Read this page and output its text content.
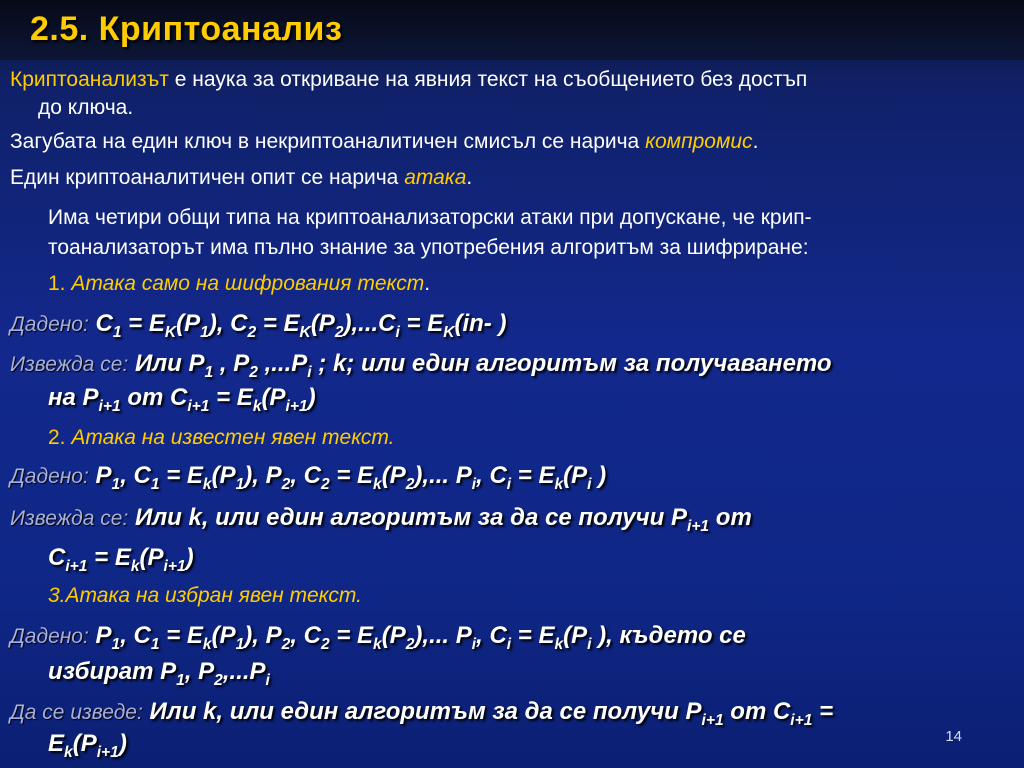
2.5. Криптоанализ
Криптоанализът е наука за откриване на явния текст на съобщението без достъп
до ключа.
Загубата на един ключ в некриптоаналитичен смисъл се нарича компромис.
Един криптоаналитичен опит се нарича атака.
Има четири общи типа на криптоанализаторски атаки при допускане, че крип-
тоанализаторът има пълно знание за употребения алгоритъм за шифриране:
1. Атака само на шифрования текст.
Дадено: $C_1 = E_K(P_1)$, $C_2 = E_K(P_2),...C_i = E_K(in-$ )
Извежда се: Или $P_1$ , $P_2$ $,...P_i$ ; k; или един алгоритъм за получаването
на $P_{i+1}$ от $C_{i+1} = E_k(P_{i+1})$
2. Атака на известен явен текст.
Дадено: $P_1$, $C_1 = E_k(P_1)$, $P_2$, $C_2 = E_k(P_2)$,... $P_i$, $C_i = E_k(P_i$ )
Извежда се: Или k, или един алгоритъм за да се получи $P_{i+1}$ от
$C_{i+1} = E_k(P_{i+1})$
3.Атака на избран явен текст.
Дадено: $P_1$, $C_1 = E_k(P_1)$, $P_2$, $C_2 = E_k(P_2)$,... $P_i$, $C_i = E_k(P_i$ ), където се
избират $P_1$, $P_2,...P_i$
Да се изведе: Или k, или един алгоритъм за да се получи $P_{i+1}$ от $C_{i+1}$ =
$E_k(P_{i+1})$	14
